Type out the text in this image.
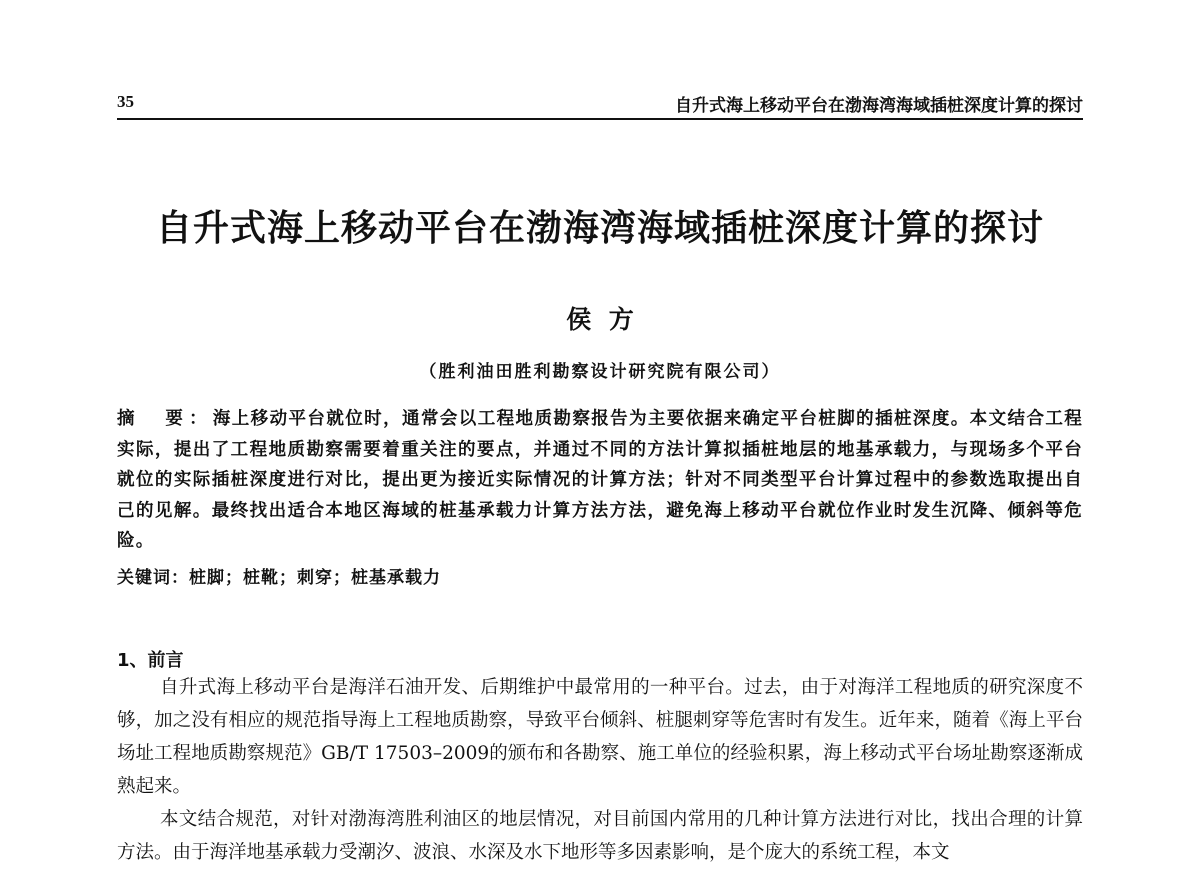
35	自升式海上移动平台在渤海湾海域插桩深度计算的探讨
自升式海上移动平台在渤海湾海域插桩深度计算的探讨
侯  方
（胜利油田胜利勘察设计研究院有限公司）
摘  要：海上移动平台就位时，通常会以工程地质勘察报告为主要依据来确定平台桩脚的插桩深度。本文结合工程实际，提出了工程地质勘察需要着重关注的要点，并通过不同的方法计算拟插桩地层的地基承载力，与现场多个平台就位的实际插桩深度进行对比，提出更为接近实际情况的计算方法；针对不同类型平台计算过程中的参数选取提出自己的见解。最终找出适合本地区海域的桩基承载力计算方法方法，避免海上移动平台就位作业时发生沉降、倾斜等危险。
关键词：桩脚；桩靴；刺穿；桩基承载力
1、前言

自升式海上移动平台是海洋石油开发、后期维护中最常用的一种平台。过去，由于对海洋工程地质的研究深度不够，加之没有相应的规范指导海上工程地质勘察，导致平台倾斜、桩腿刺穿等危害时有发生。近年来，随着《海上平台场址工程地质勘察规范》GB/T 17503–2009的颁布和各勘察、施工单位的经验积累，海上移动式平台场址勘察逐渐成熟起来。

本文结合规范，对针对渤海湾胜利油区的地层情况，对目前国内常用的几种计算方法进行对比，找出合理的计算方法。由于海洋地基承载力受潮汐、波浪、水深及水下地形等多因素影响，是个庞大的系统工程，本文
